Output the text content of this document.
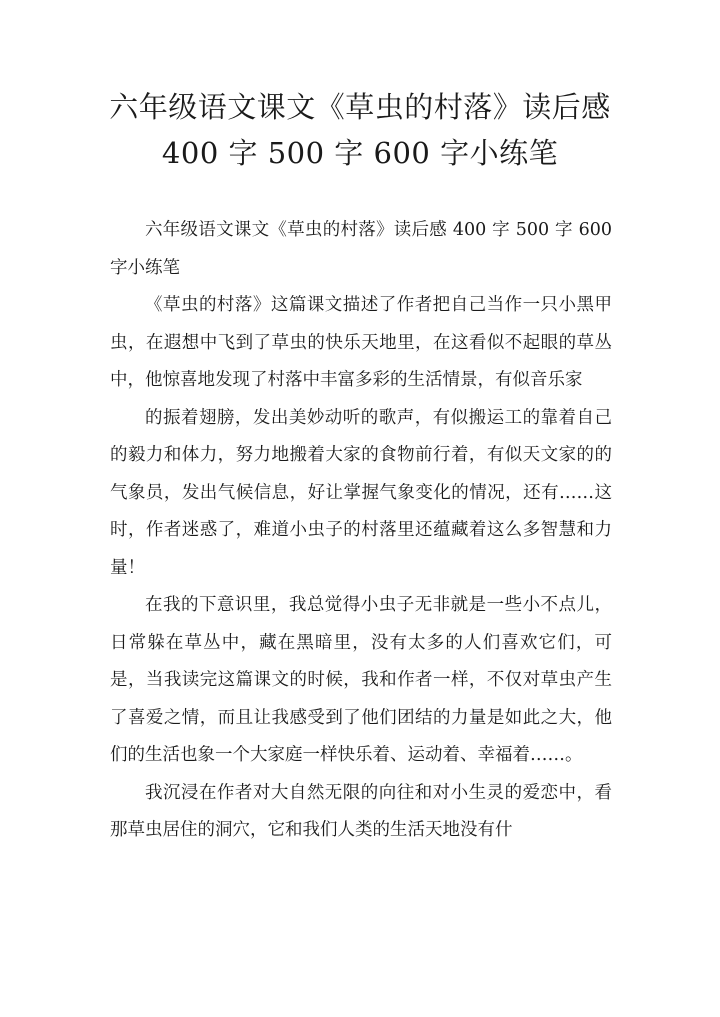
六年级语文课文《草虫的村落》读后感
400 字 500 字 600 字小练笔

六年级语文课文《草虫的村落》读后感 400 字 500 字 600 字小练笔

《草虫的村落》这篇课文描述了作者把自己当作一只小黑甲虫，在遐想中飞到了草虫的快乐天地里，在这看似不起眼的草丛中，他惊喜地发现了村落中丰富多彩的生活情景，有似音乐家

的振着翅膀，发出美妙动听的歌声，有似搬运工的靠着自己的毅力和体力，努力地搬着大家的食物前行着，有似天文家的的气象员，发出气候信息，好让掌握气象变化的情况，还有……这时，作者迷惑了，难道小虫子的村落里还蕴藏着这么多智慧和力量！

在我的下意识里，我总觉得小虫子无非就是一些小不点儿，日常躲在草丛中，藏在黑暗里，没有太多的人们喜欢它们，可是，当我读完这篇课文的时候，我和作者一样，不仅对草虫产生了喜爱之情，而且让我感受到了他们团结的力量是如此之大，他们的生活也象一个大家庭一样快乐着、运动着、幸福着……。

我沉浸在作者对大自然无限的向往和对小生灵的爱恋中，看那草虫居住的洞穴，它和我们人类的生活天地没有什
